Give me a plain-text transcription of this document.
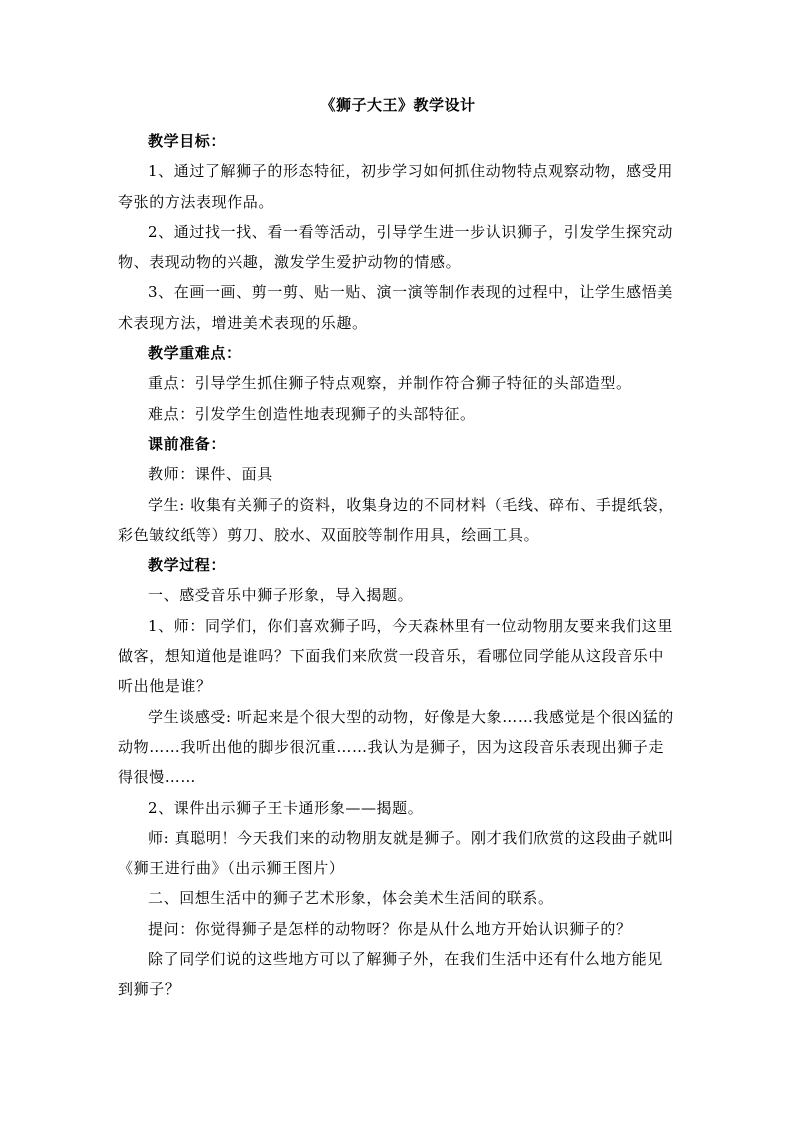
《狮子大王》教学设计

教学目标：

1、通过了解狮子的形态特征，初步学习如何抓住动物特点观察动物，感受用夸张的方法表现作品。

2、通过找一找、看一看等活动，引导学生进一步认识狮子，引发学生探究动物、表现动物的兴趣，激发学生爱护动物的情感。

3、在画一画、剪一剪、贴一贴、演一演等制作表现的过程中，让学生感悟美术表现方法，增进美术表现的乐趣。

教学重难点：

重点：引导学生抓住狮子特点观察，并制作符合狮子特征的头部造型。

难点：引发学生创造性地表现狮子的头部特征。

课前准备：

教师：课件、面具

学生: 收集有关狮子的资料，收集身边的不同材料（毛线、碎布、手提纸袋，彩色皱纹纸等）剪刀、胶水、双面胶等制作用具，绘画工具。

教学过程：

一、感受音乐中狮子形象，导入揭题。

1、师：同学们，你们喜欢狮子吗，今天森林里有一位动物朋友要来我们这里做客，想知道他是谁吗？下面我们来欣赏一段音乐，看哪位同学能从这段音乐中听出他是谁？

学生谈感受: 听起来是个很大型的动物，好像是大象……我感觉是个很凶猛的动物……我听出他的脚步很沉重……我认为是狮子，因为这段音乐表现出狮子走得很慢……

2、课件出示狮子王卡通形象——揭题。

师: 真聪明！今天我们来的动物朋友就是狮子。刚才我们欣赏的这段曲子就叫《狮王进行曲》（出示狮王图片）

二、回想生活中的狮子艺术形象，体会美术生活间的联系。

提问：你觉得狮子是怎样的动物呀？你是从什么地方开始认识狮子的？

除了同学们说的这些地方可以了解狮子外，在我们生活中还有什么地方能见到狮子？
